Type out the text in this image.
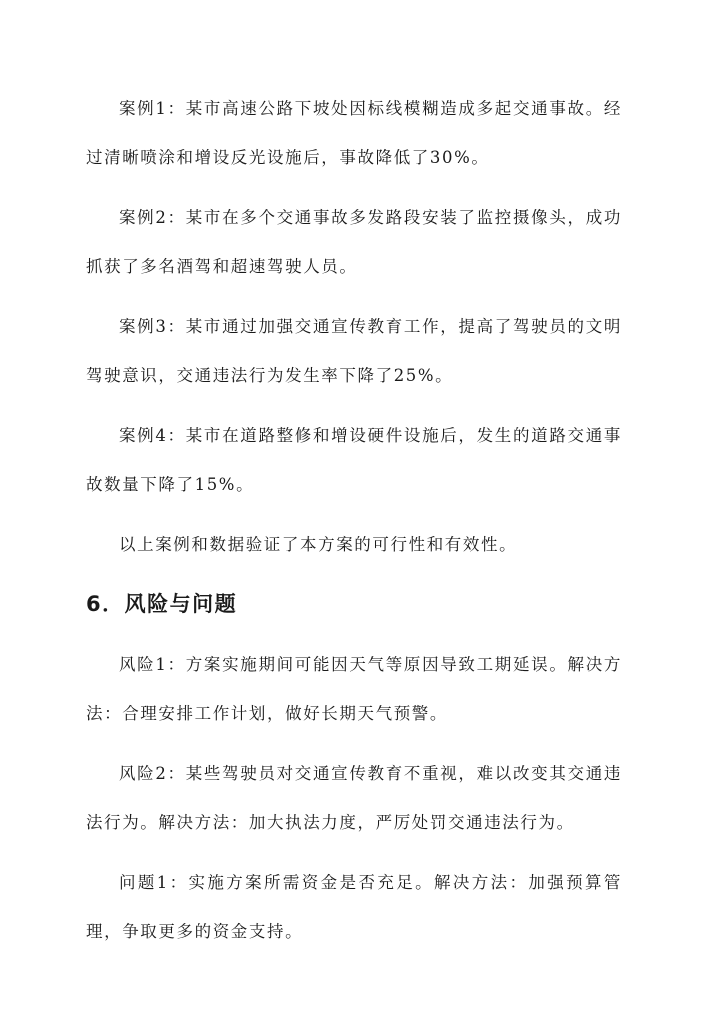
案例1：某市高速公路下坡处因标线模糊造成多起交通事故。经过清晰喷涂和增设反光设施后，事故降低了30%。

案例2：某市在多个交通事故多发路段安装了监控摄像头，成功抓获了多名酒驾和超速驾驶人员。

案例3：某市通过加强交通宣传教育工作，提高了驾驶员的文明驾驶意识，交通违法行为发生率下降了25%。

案例4：某市在道路整修和增设硬件设施后，发生的道路交通事故数量下降了15%。

以上案例和数据验证了本方案的可行性和有效性。

6．风险与问题

风险1：方案实施期间可能因天气等原因导致工期延误。解决方法：合理安排工作计划，做好长期天气预警。

风险2：某些驾驶员对交通宣传教育不重视，难以改变其交通违法行为。解决方法：加大执法力度，严厉处罚交通违法行为。

问题1：实施方案所需资金是否充足。解决方法：加强预算管理，争取更多的资金支持。
